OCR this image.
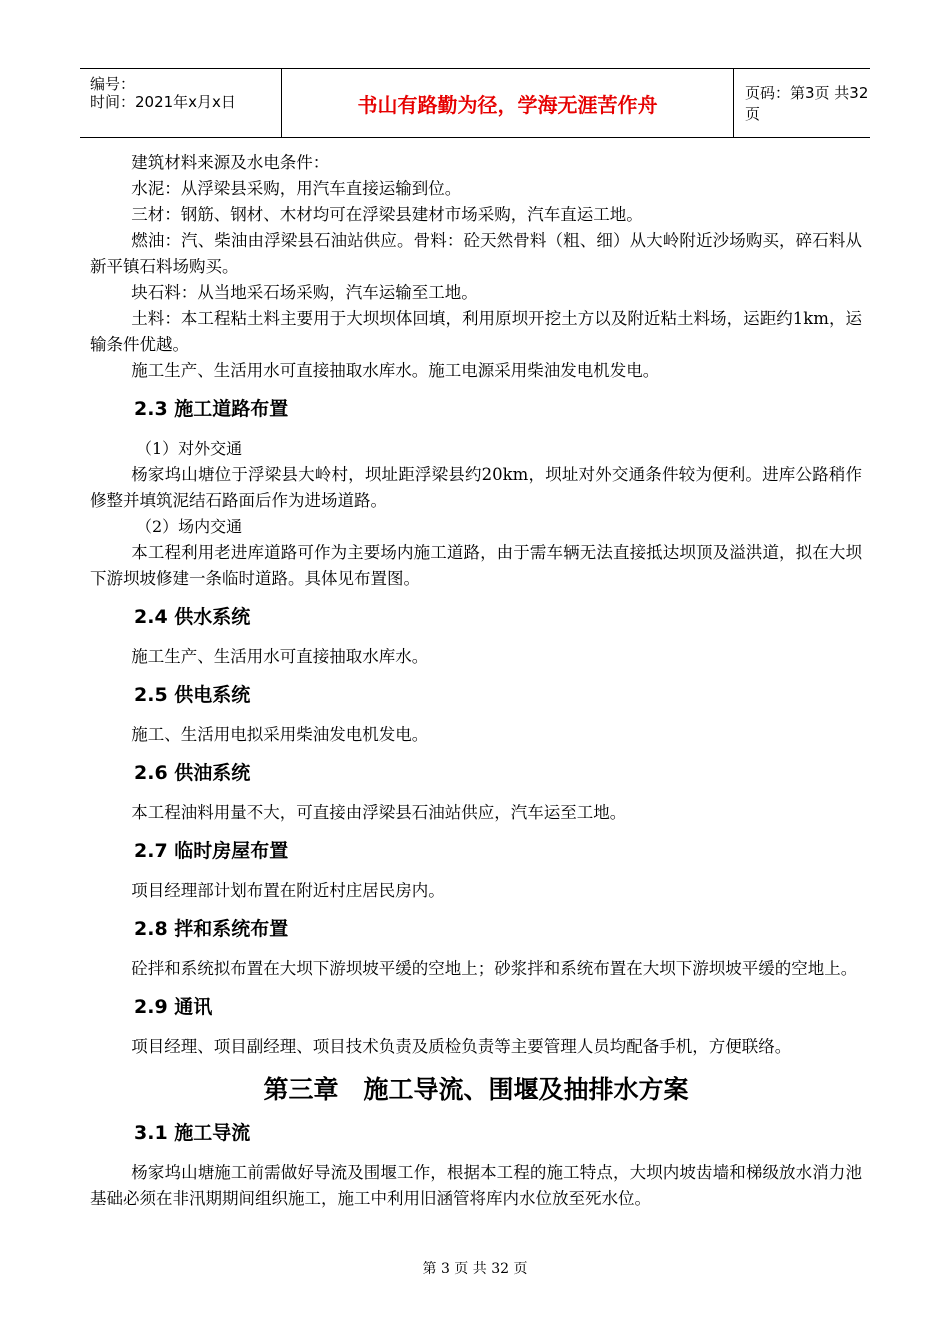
编号：
时间：2021年x月x日	书山有路勤为径，学海无涯苦作舟	页码：第3页 共32页

建筑材料来源及水电条件：

水泥：从浮梁县采购，用汽车直接运输到位。

三材：钢筋、钢材、木材均可在浮梁县建材市场采购，汽车直运工地。

燃油：汽、柴油由浮梁县石油站供应。骨料：砼天然骨料（粗、细）从大岭附近沙场购买，碎石料从新平镇石料场购买。

块石料：从当地采石场采购，汽车运输至工地。

土料：本工程粘土料主要用于大坝坝体回填，利用原坝开挖土方以及附近粘土料场，运距约1km，运输条件优越。

施工生产、生活用水可直接抽取水库水。施工电源采用柴油发电机发电。

2.3 施工道路布置

（1）对外交通

杨家坞山塘位于浮梁县大岭村，坝址距浮梁县约20km，坝址对外交通条件较为便利。进库公路稍作修整并填筑泥结石路面后作为进场道路。

（2）场内交通

本工程利用老进库道路可作为主要场内施工道路，由于需车辆无法直接抵达坝顶及溢洪道，拟在大坝下游坝坡修建一条临时道路。具体见布置图。

2.4 供水系统

施工生产、生活用水可直接抽取水库水。

2.5 供电系统

施工、生活用电拟采用柴油发电机发电。

2.6 供油系统

本工程油料用量不大，可直接由浮梁县石油站供应，汽车运至工地。

2.7 临时房屋布置

项目经理部计划布置在附近村庄居民房内。

2.8 拌和系统布置

砼拌和系统拟布置在大坝下游坝坡平缓的空地上；砂浆拌和系统布置在大坝下游坝坡平缓的空地上。

2.9 通讯

项目经理、项目副经理、项目技术负责及质检负责等主要管理人员均配备手机，方便联络。

第三章　施工导流、围堰及抽排水方案
3.1 施工导流

杨家坞山塘施工前需做好导流及围堰工作，根据本工程的施工特点，大坝内坡齿墙和梯级放水消力池基础必须在非汛期期间组织施工，施工中利用旧涵管将库内水位放至死水位。

第 3 页 共 32 页
